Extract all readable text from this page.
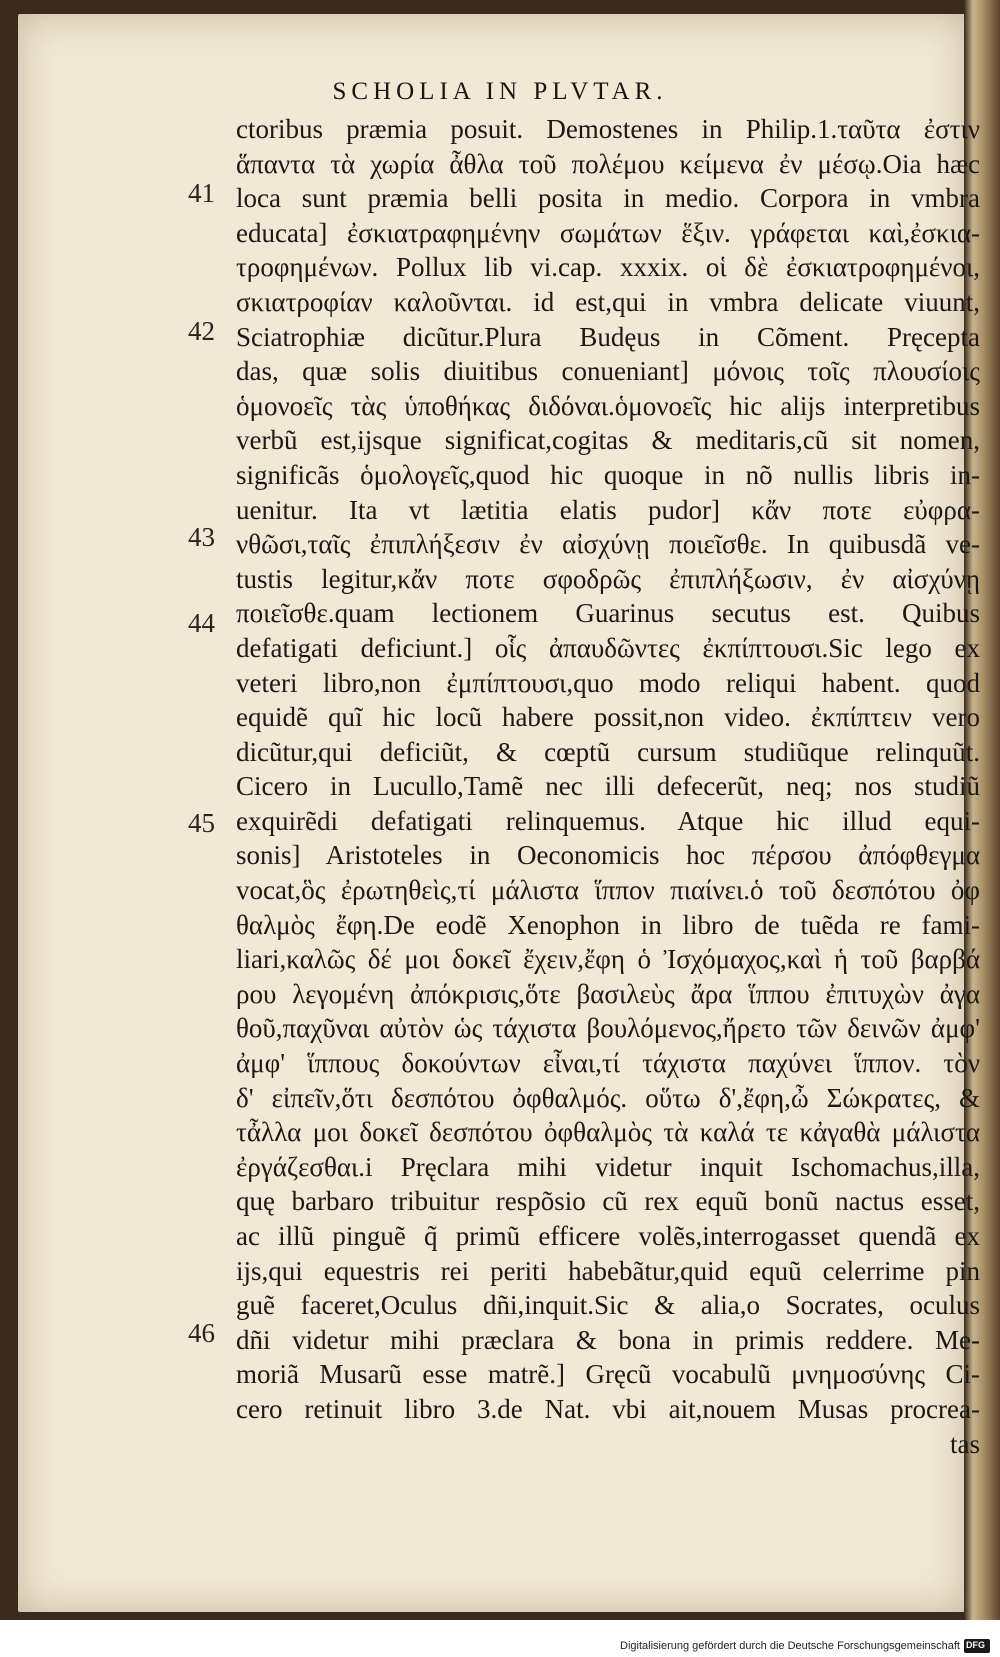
SCHOLIA IN PLVTAR.
ctoribus præmia posuit. Demostenes in Philip.1.ταῦτα ἐστιν
ἅπαντα τὰ χωρία ἆθλα τοῦ πολέμου κείμενα ἐν μέσῳ.Oia hæc
loca sunt præmia belli posita in medio. Corpora in vmbra
educata] ἐσκιατραφημένην σωμάτων ἕξιν. γράφεται καὶ,ἐσκια-
τροφημένων. Pollux lib vi.cap. xxxix. οἱ δὲ ἐσκιατροφημένοι,
σκιατροφίαν καλοῦνται. id est,qui in vmbra delicate viuunt,
Sciatrophiæ dicũtur.Plura Budęus in Cõment. Pręcepta
das, quæ solis diuitibus conueniant] μόνοις τοῖς πλουσίοις
ὁμονοεῖς τὰς ὑποθήκας διδόναι.ὁμονοεῖς hic alijs interpretibus
verbũ est,ijsque significat,cogitas & meditaris,cũ sit nomen,
significãs ὁμολογεῖς,quod hic quoque in nõ nullis libris in-
uenitur. Ita vt lætitia elatis pudor] κἄν ποτε εὐφρα-
νθῶσι,ταῖς ἐπιπλήξεσιν ἐν αἰσχύνῃ ποιεῖσθε. In quibusdã ve-
tustis legitur,κἄν ποτε σφοδρῶς ἐπιπλήξωσιν, ἐν αἰσχύνῃ
ποιεῖσθε.quam lectionem Guarinus secutus est. Quibus
defatigati deficiunt.] οἷς ἀπαυδῶντες ἐκπίπτουσι.Sic lego ex
veteri libro,non ἐμπίπτουσι,quo modo reliqui habent. quod
equidẽ quĩ hic locũ habere possit,non video. ἐκπίπτειν vero
dicũtur,qui deficiũt, & cœptũ cursum studiũque relinquũt.
Cicero in Lucullo,Tamẽ nec illi defecerũt, neq; nos studiũ
exquirẽdi defatigati relinquemus. Atque hic illud equi-
sonis] Aristoteles in Oeconomicis hoc πέρσου ἀπόφθεγμα
vocat,ὃς ἐρωτηθεὶς,τί μάλιστα ἵππον πιαίνει.ὁ τοῦ δεσπότου ὀφ
θαλμὸς ἔφη.De eodẽ Xenophon in libro de tuẽda re fami-
liari,καλῶς δέ μοι δοκεῖ ἔχειν,ἔφη ὁ Ἰσχόμαχος,καὶ ἡ τοῦ βαρβά
ρου λεγομένη ἀπόκρισις,ὅτε βασιλεὺς ἄρα ἵππου ἐπιτυχὼν ἀγα
θοῦ,παχῦναι αὐτὸν ὡς τάχιστα βουλόμενος,ἤρετο τῶν δεινῶν ἀμφ'
ἀμφ' ἵππους δοκούντων εἶναι,τί τάχιστα παχύνει ἵππον. τὸν
δ' εἰπεῖν,ὅτι δεσπότου ὀφθαλμός. οὕτω δ',ἔφη,ὦ Σώκρατες, &
τἆλλα μοι δοκεῖ δεσπότου ὀφθαλμὸς τὰ καλά τε κἀγαθὰ μάλιστα
ἐργάζεσθαι.i Pręclara mihi videtur inquit Ischomachus,illa,
quę barbaro tribuitur respõsio cũ rex equũ bonũ nactus esset,
ac illũ pinguẽ q̃ primũ efficere volẽs,interrogasset quendã ex
ijs,qui equestris rei periti habebãtur,quid equũ celerrime pin
guẽ faceret,Oculus dñi,inquit.Sic & alia,o Socrates, oculus
dñi videtur mihi præclara & bona in primis reddere. Me-
moriã Musarũ esse matrẽ.] Gręcũ vocabulũ μνημοσύνης Ci-
cero retinuit libro 3.de Nat. vbi ait,nouem Musas procrea-
tas
41
42
43
44
45
46
Digitalisierung gefördert durch die Deutsche Forschungsgemeinschaft DFG
